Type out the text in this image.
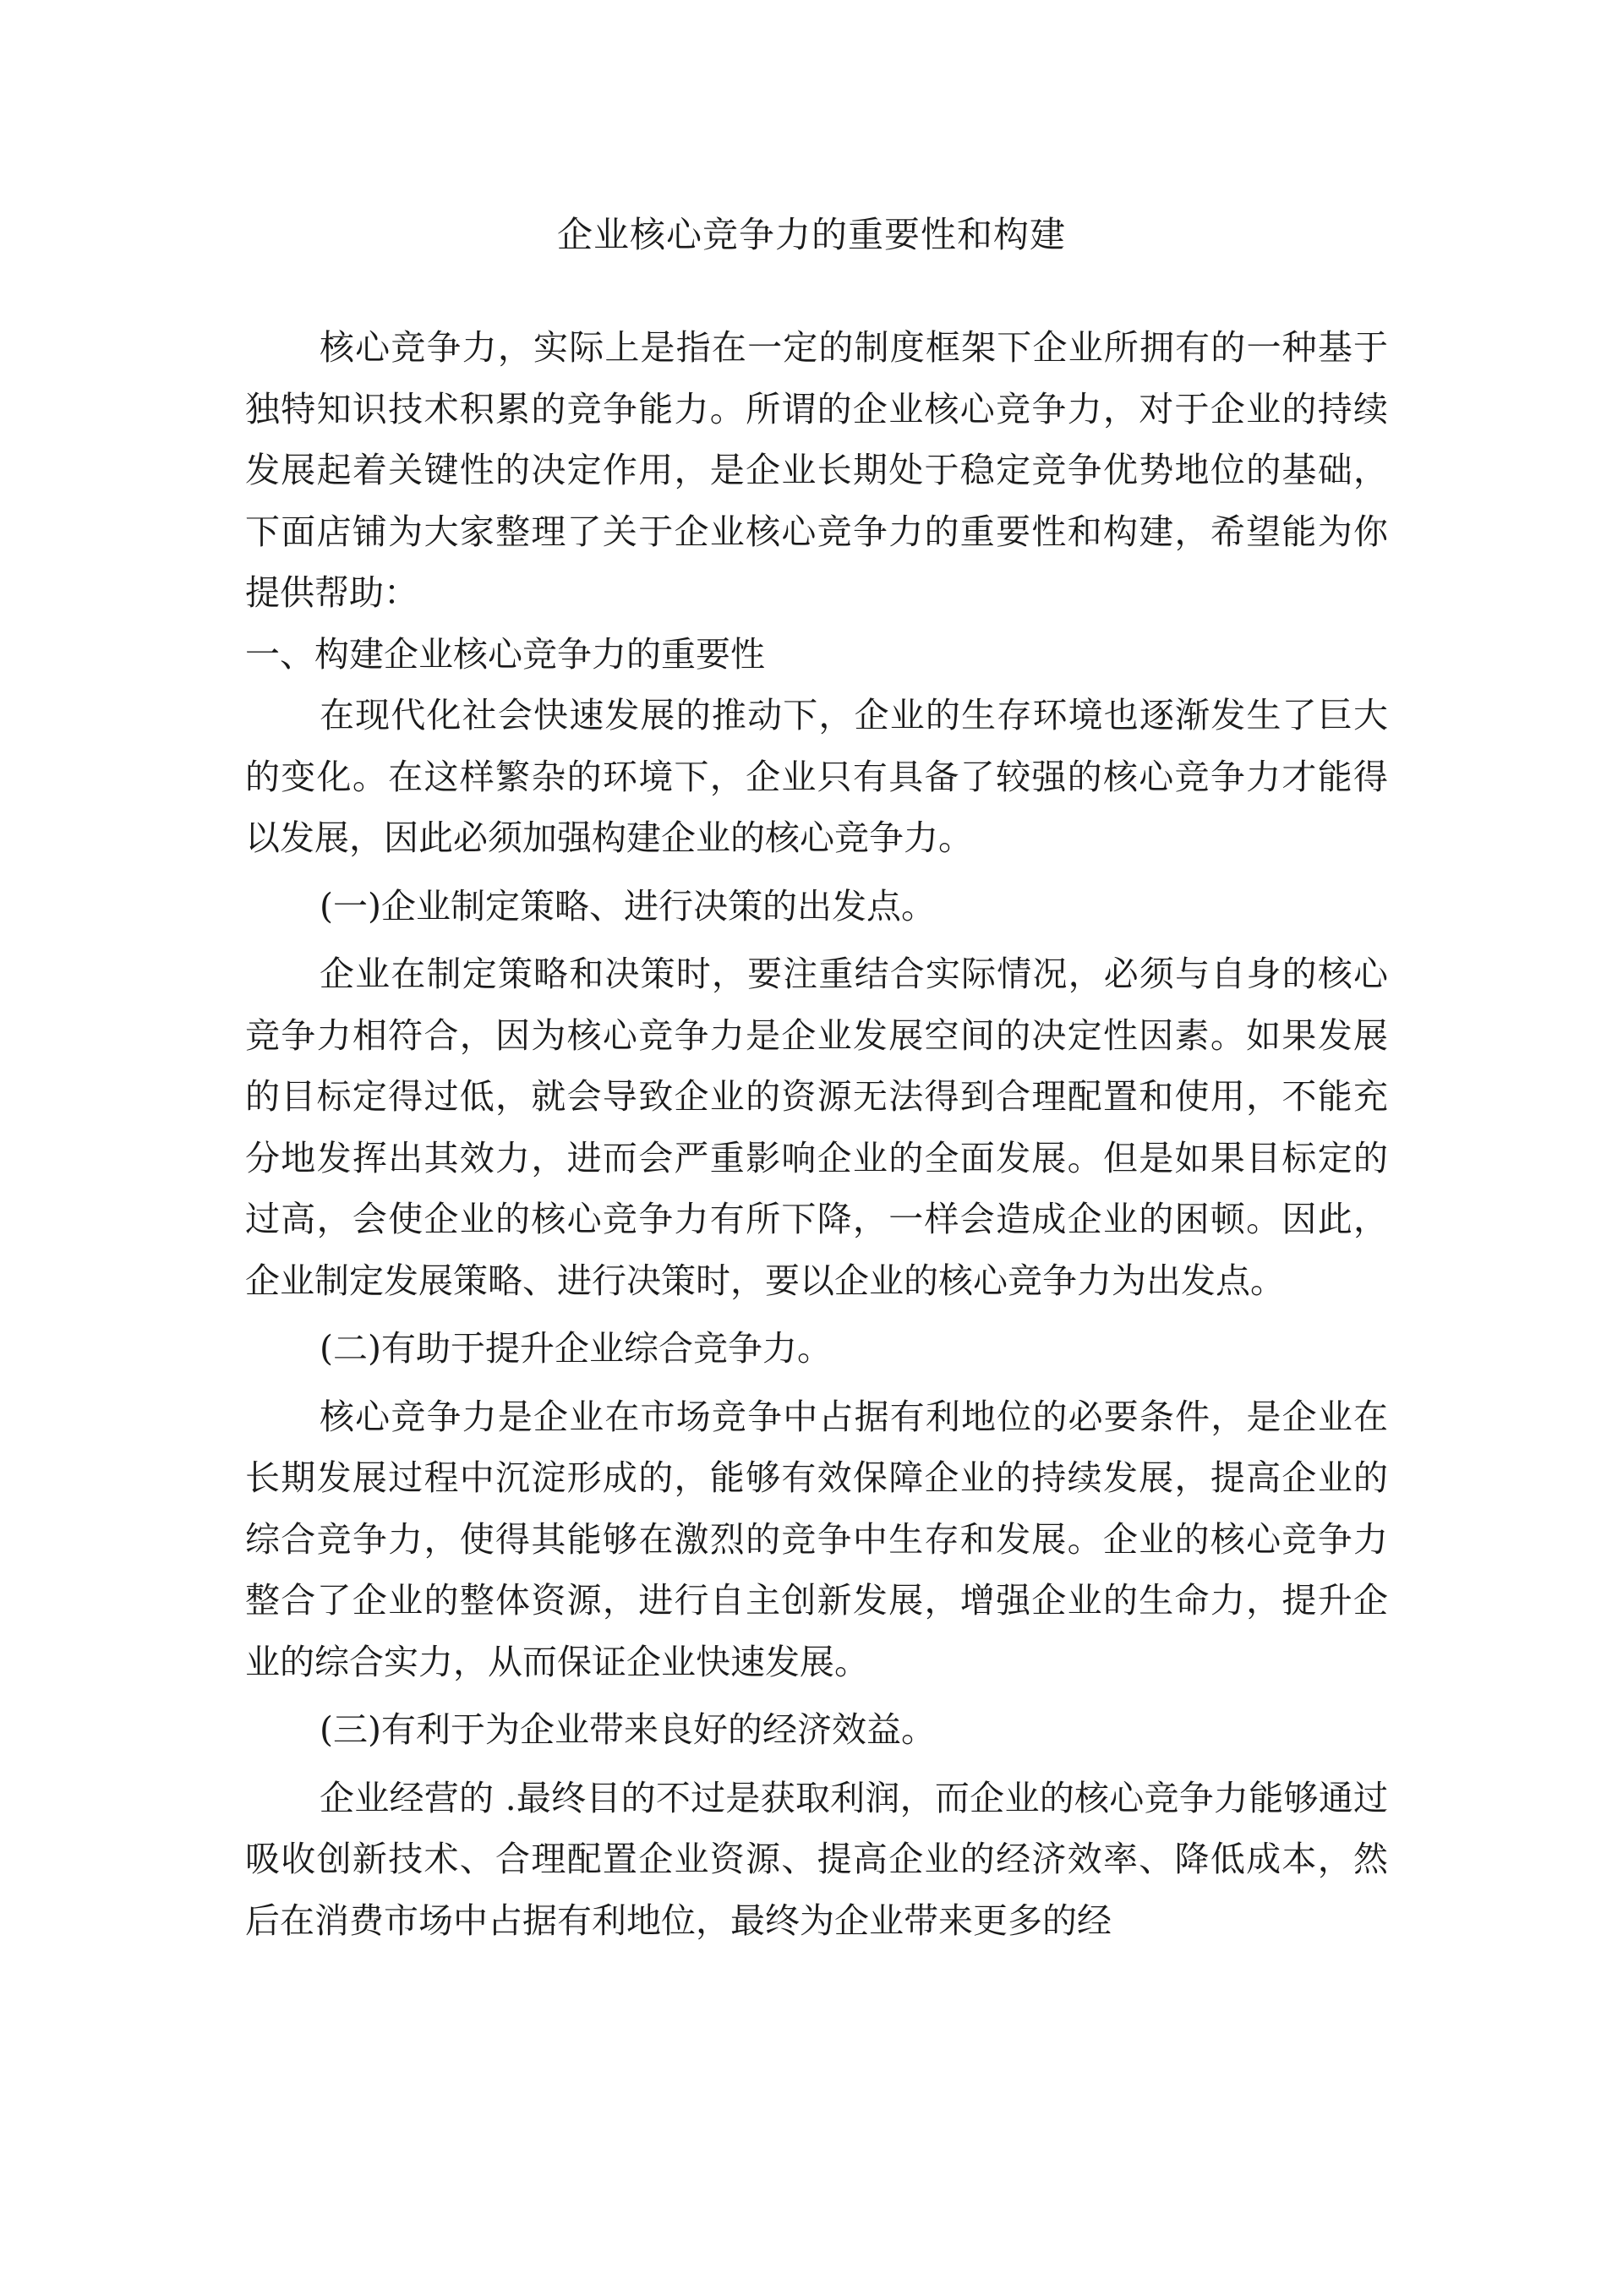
企业核心竞争力的重要性和构建

核心竞争力，实际上是指在一定的制度框架下企业所拥有的一种基于独特知识技术积累的竞争能力。所谓的企业核心竞争力，对于企业的持续发展起着关键性的决定作用，是企业长期处于稳定竞争优势地位的基础，下面店铺为大家整理了关于企业核心竞争力的重要性和构建，希望能为你提供帮助：

一、构建企业核心竞争力的重要性

在现代化社会快速发展的推动下，企业的生存环境也逐渐发生了巨大的变化。在这样繁杂的环境下，企业只有具备了较强的核心竞争力才能得以发展，因此必须加强构建企业的核心竞争力。

(一)企业制定策略、进行决策的出发点。

企业在制定策略和决策时，要注重结合实际情况，必须与自身的核心竞争力相符合，因为核心竞争力是企业发展空间的决定性因素。如果发展的目标定得过低，就会导致企业的资源无法得到合理配置和使用，不能充分地发挥出其效力，进而会严重影响企业的全面发展。但是如果目标定的过高，会使企业的核心竞争力有所下降，一样会造成企业的困顿。因此，企业制定发展策略、进行决策时，要以企业的核心竞争力为出发点。

(二)有助于提升企业综合竞争力。

核心竞争力是企业在市场竞争中占据有利地位的必要条件，是企业在长期发展过程中沉淀形成的，能够有效保障企业的持续发展，提高企业的综合竞争力，使得其能够在激烈的竞争中生存和发展。企业的核心竞争力整合了企业的整体资源，进行自主创新发展，增强企业的生命力，提升企业的综合实力，从而保证企业快速发展。

(三)有利于为企业带来良好的经济效益。

企业经营的 .最终目的不过是获取利润，而企业的核心竞争力能够通过吸收创新技术、合理配置企业资源、提高企业的经济效率、降低成本，然后在消费市场中占据有利地位，最终为企业带来更多的经
